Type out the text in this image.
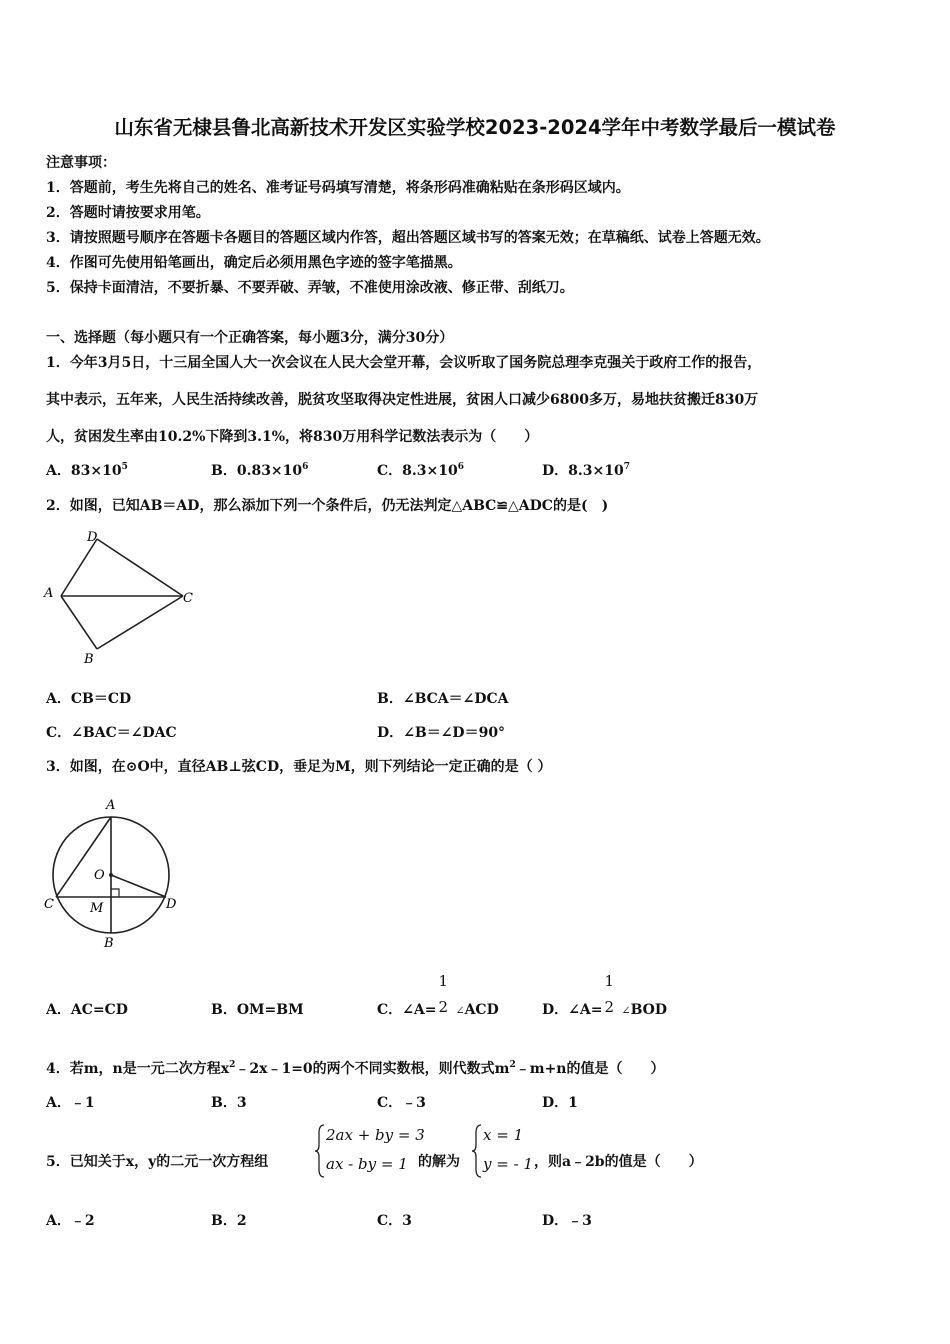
山东省无棣县鲁北高新技术开发区实验学校2023-2024学年中考数学最后一模试卷
注意事项：
1．答题前，考生先将自己的姓名、准考证号码填写清楚，将条形码准确粘贴在条形码区域内。
2．答题时请按要求用笔。
3．请按照题号顺序在答题卡各题目的答题区域内作答，超出答题区域书写的答案无效；在草稿纸、试卷上答题无效。
4．作图可先使用铅笔画出，确定后必须用黑色字迹的签字笔描黑。
5．保持卡面清洁，不要折暴、不要弄破、弄皱，不准使用涂改液、修正带、刮纸刀。
一、选择题（每小题只有一个正确答案，每小题3分，满分30分）
1．今年3月5日，十三届全国人大一次会议在人民大会堂开幕，会议听取了国务院总理李克强关于政府工作的报告，
其中表示，五年来，人民生活持续改善，脱贫攻坚取得决定性进展，贫困人口减少6800多万，易地扶贫搬迁830万
人，贫困发生率由10.2%下降到3.1%，将830万用科学记数法表示为（　　）
A．$83\times 10^5$	B．$0.83\times 10^6$	C．$8.3\times 10^6$	D．$8.3\times 10^7$
2．如图，已知AB＝AD，那么添加下列一个条件后，仍无法判定△ABC≌△ADC的是(　)
D
A	C
B
A．CB＝CD	B．∠BCA＝∠DCA
C．∠BAC＝∠DAC	D．∠B＝∠D＝90°
3．如图，在⊙O中，直径AB⊥弦CD，垂足为M，则下列结论一定正确的是（ ）
A
O
C	M	D
B
A．AC=CD	B．OM=BM	C．∠A=
1
2 ∠ACD	D．∠A=
1
2 ∠BOD
4．若m，n是一元二次方程$x^2﹣2x﹣1=0$的两个不同实数根，则代数式$m^2﹣m+n$的值是（　　）
A．﹣1	B．3	C．﹣3	D．1
5．已知关于x，y的二元一次方程组
2ax + by = 3
ax - by = 1 的解为
x = 1
y = - 1 ，则a﹣2b的值是（　　）
A．﹣2	B．2	C．3	D．﹣3
